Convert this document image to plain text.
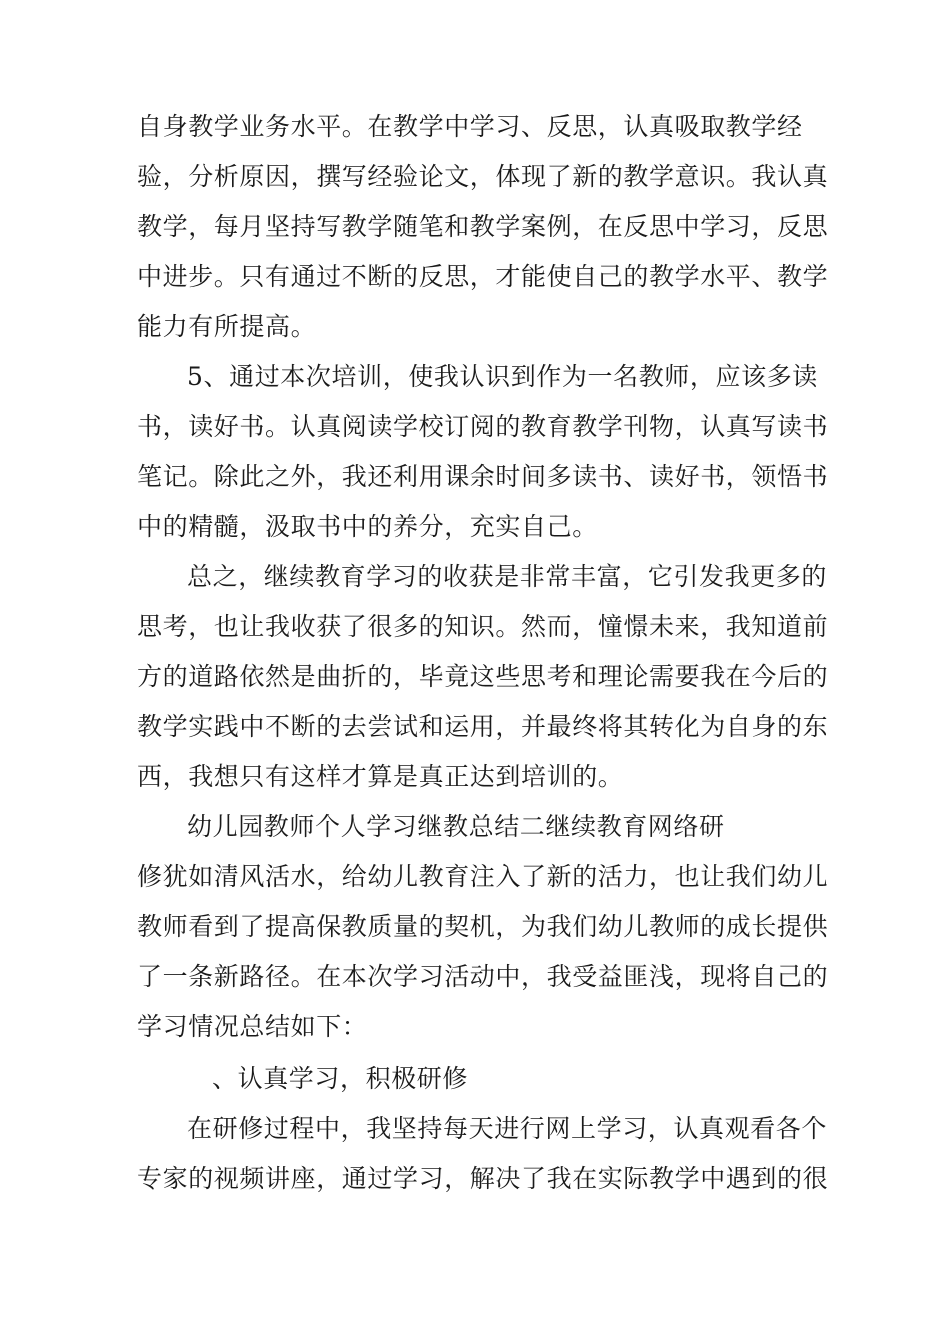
自身教学业务水平。在教学中学习、反思，认真吸取教学经
验，分析原因，撰写经验论文，体现了新的教学意识。我认真
教学，每月坚持写教学随笔和教学案例，在反思中学习，反思
中进步。只有通过不断的反思，才能使自己的教学水平、教学
能力有所提高。
5、通过本次培训，使我认识到作为一名教师，应该多读
书，读好书。认真阅读学校订阅的教育教学刊物，认真写读书
笔记。除此之外，我还利用课余时间多读书、读好书，领悟书
中的精髓，汲取书中的养分，充实自己。
总之，继续教育学习的收获是非常丰富，它引发我更多的
思考，也让我收获了很多的知识。然而，憧憬未来，我知道前
方的道路依然是曲折的，毕竟这些思考和理论需要我在今后的
教学实践中不断的去尝试和运用，并最终将其转化为自身的东
西，我想只有这样才算是真正达到培训的。
幼儿园教师个人学习继教总结二继续教育网络研
修犹如清风活水，给幼儿教育注入了新的活力，也让我们幼儿
教师看到了提高保教质量的契机，为我们幼儿教师的成长提供
了一条新路径。在本次学习活动中，我受益匪浅，现将自己的
学习情况总结如下：
、认真学习，积极研修
在研修过程中，我坚持每天进行网上学习，认真观看各个
专家的视频讲座，通过学习，解决了我在实际教学中遇到的很
